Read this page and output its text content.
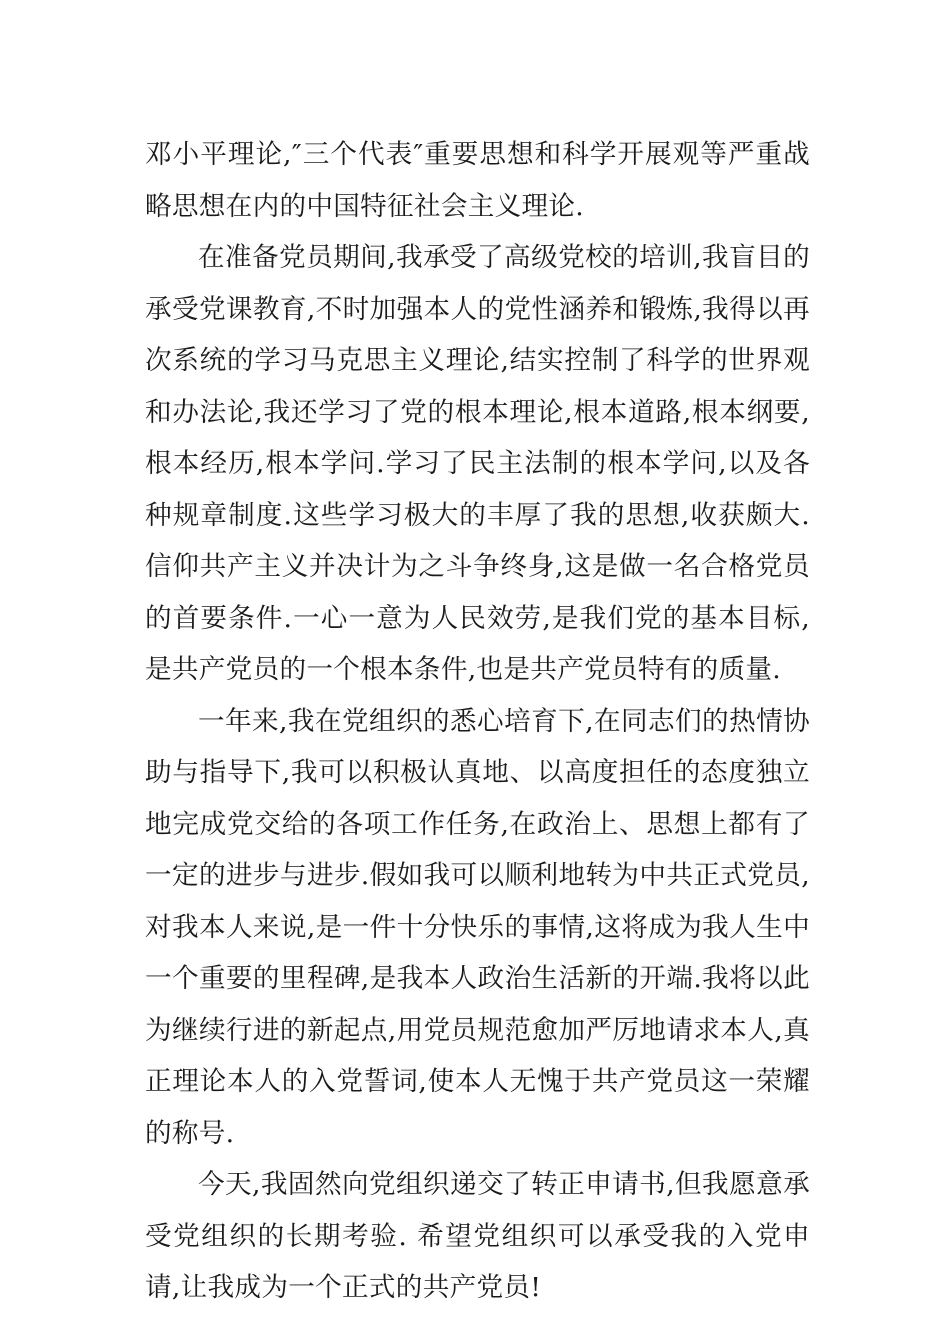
邓小平理论,″三个代表″重要思想和科学开展观等严重战略思想在内的中国特征社会主义理论.

在准备党员期间,我承受了高级党校的培训,我盲目的承受党课教育,不时加强本人的党性涵养和锻炼,我得以再次系统的学习马克思主义理论,结实控制了科学的世界观和办法论,我还学习了党的根本理论,根本道路,根本纲要,根本经历,根本学问.学习了民主法制的根本学问,以及各种规章制度.这些学习极大的丰厚了我的思想,收获颇大. 信仰共产主义并决计为之斗争终身,这是做一名合格党员的首要条件.一心一意为人民效劳,是我们党的基本目标,是共产党员的一个根本条件,也是共产党员特有的质量.

一年来,我在党组织的悉心培育下,在同志们的热情协助与指导下,我可以积极认真地、以高度担任的态度独立地完成党交给的各项工作任务,在政治上、思想上都有了一定的进步与进步.假如我可以顺利地转为中共正式党员,对我本人来说,是一件十分快乐的事情,这将成为我人生中一个重要的里程碑,是我本人政治生活新的开端.我将以此为继续行进的新起点,用党员规范愈加严厉地请求本人,真正理论本人的入党誓词,使本人无愧于共产党员这一荣耀的称号.

今天,我固然向党组织递交了转正申请书,但我愿意承受党组织的长期考验. 希望党组织可以承受我的入党申请,让我成为一个正式的共产党员!
